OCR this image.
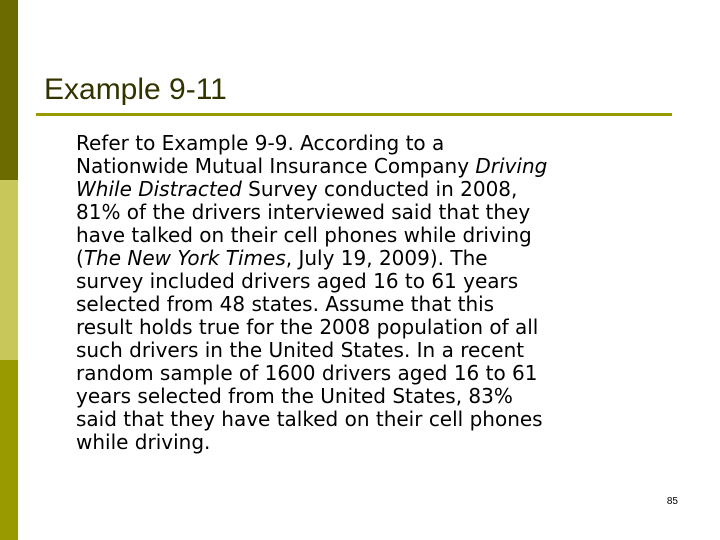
Example 9-11
Refer to Example 9-9. According to a
Nationwide Mutual Insurance Company Driving
While Distracted Survey conducted in 2008,
81% of the drivers interviewed said that they
have talked on their cell phones while driving
(The New York Times, July 19, 2009). The
survey included drivers aged 16 to 61 years
selected from 48 states. Assume that this
result holds true for the 2008 population of all
such drivers in the United States. In a recent
random sample of 1600 drivers aged 16 to 61
years selected from the United States, 83%
said that they have talked on their cell phones
while driving.
85
